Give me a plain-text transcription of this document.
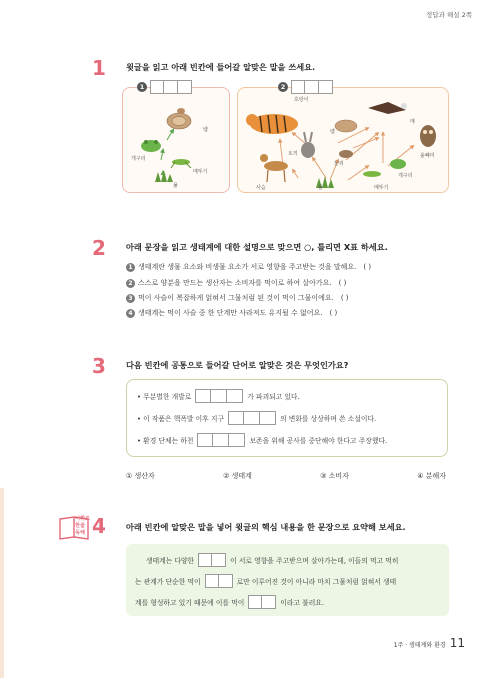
정답과 해설 2쪽
1 윗글을 읽고 아래 빈칸에 들어갈 알맞은 말을 쓰세요.
1
뱀
개구리
메뚜기
풀
2
호랑이
뱀
매
토끼
들쥐
올빼미
사슴	풀	메뚜기
개구리
2 아래 문장을 읽고 생태계에 대한 설명으로 맞으면 ○, 틀리면 X표 하세요.
1 생태계란 생물 요소와 비생물 요소가 서로 영향을 주고받는 것을 말해요. ( )
2 스스로 양분을 만드는 생산자는 소비자를 먹이로 하여 살아가요. ( )
3 먹이 사슬이 복잡하게 얽혀서 그물처럼 된 것이 먹이 그물이에요. ( )
4 생태계는 먹이 사슬 중 한 단계만 사라져도 유지될 수 없어요. ( )
3 다음 빈칸에 공통으로 들어갈 단어로 알맞은 것은 무엇인가요?
• 무분별한 개발로	가 파괴되고 있다.
• 이 작품은 핵폭발 이후 지구	의 변화를 상상하며 쓴 소설이다.
• 환경 단체는 하천	보존을 위해 공사를 중단해야 한다고 주장했다.
① 생산자	② 생태계	③ 소비자	④ 분해자
어휘로
한줄
독해 4 아래 빈칸에 알맞은 말을 넣어 윗글의 핵심 내용을 한 문장으로 요약해 보세요.
생태계는 다양한	이 서로 영향을 주고받으며 살아가는데, 이들의 먹고 먹히
는 관계가 단순한 먹이	로만 이루어진 것이 아니라 마치 그물처럼 얽혀서 생태
계를 형성하고 있기 때문에 이를 먹이	이라고 불러요.
1주 · 생태계와 환경 11
